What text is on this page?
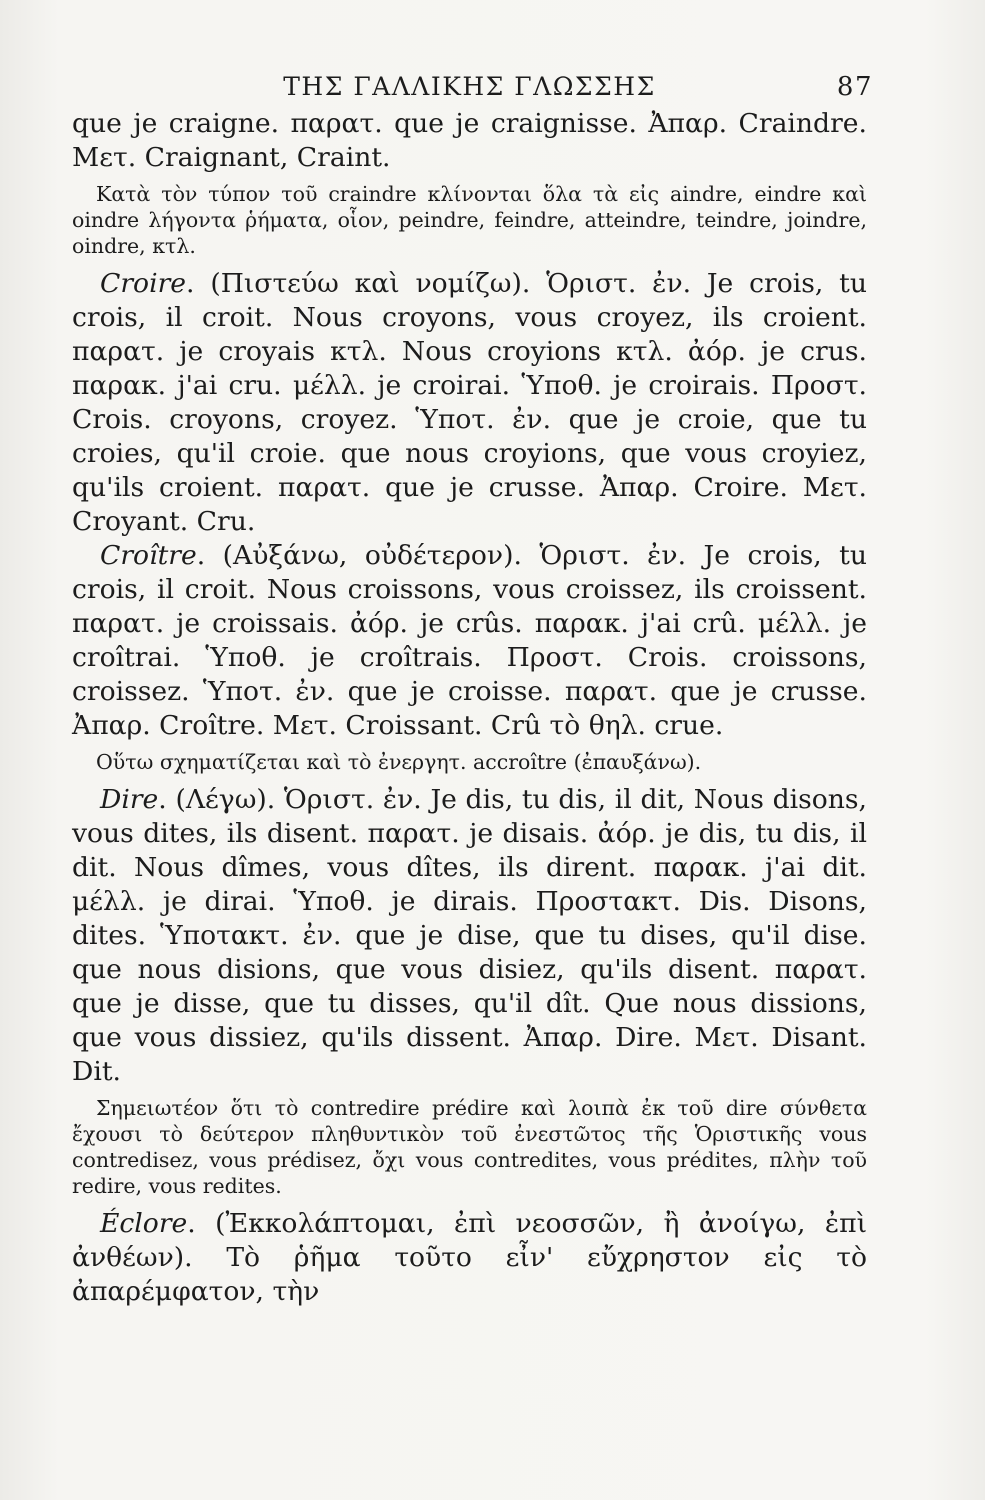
ΤΗΣ ΓΑΛΛΙΚΗΣ ΓΛΩΣΣΗΣ	87

que je craigne. παρατ. que je craignisse. Ἀπαρ. Craindre. Μετ. Craignant, Craint.

Κατὰ τὸν τύπον τοῦ craindre κλίνονται ὅλα τὰ εἰς aindre, eindre καὶ oindre λήγοντα ῥήματα, οἷον, peindre, feindre, atteindre, teindre, joindre, oindre, κτλ.

Croire. (Πιστεύω καὶ νομίζω). Ὁριστ. ἐν. Je crois, tu crois, il croit. Nous croyons, vous croyez, ils croient. παρατ. je croyais κτλ. Nous croyions κτλ. ἀόρ. je crus. παρακ. j'ai cru. μέλλ. je croirai. Ὑποθ. je croirais. Προστ. Crois. croyons, croyez. Ὑποτ. ἐν. que je croie, que tu croies, qu'il croie. que nous croyions, que vous croyiez, qu'ils croient. παρατ. que je crusse. Ἀπαρ. Croire. Μετ. Croyant. Cru.

Croître. (Αὐξάνω, οὐδέτερον). Ὁριστ. ἐν. Je crois, tu crois, il croit. Nous croissons, vous croissez, ils croissent. παρατ. je croissais. ἀόρ. je crûs. παρακ. j'ai crû. μέλλ. je croîtrai. Ὑποθ. je croîtrais. Προστ. Crois. croissons, croissez. Ὑποτ. ἐν. que je croisse. παρατ. que je crusse. Ἀπαρ. Croître. Μετ. Croissant. Crû τὸ θηλ. crue.

Οὕτω σχηματίζεται καὶ τὸ ἐνεργητ. accroître (ἐπαυξάνω).

Dire. (Λέγω). Ὁριστ. ἐν. Je dis, tu dis, il dit, Nous disons, vous dites, ils disent. παρατ. je disais. ἀόρ. je dis, tu dis, il dit. Nous dîmes, vous dîtes, ils dirent. παρακ. j'ai dit. μέλλ. je dirai. Ὑποθ. je dirais. Προστακτ. Dis. Disons, dites. Ὑποτακτ. ἐν. que je dise, que tu dises, qu'il dise. que nous disions, que vous disiez, qu'ils disent. παρατ. que je disse, que tu disses, qu'il dît. Que nous dissions, que vous dissiez, qu'ils dissent. Ἀπαρ. Dire. Μετ. Disant. Dit.

Σημειωτέον ὅτι τὸ contredire prédire καὶ λοιπὰ ἐκ τοῦ dire σύνθετα ἔχουσι τὸ δεύτερον πληθυντικὸν τοῦ ἐνεστῶτος τῆς Ὁριστικῆς vous contredisez, vous prédisez, ὄχι vous contredites, vous prédites, πλὴν τοῦ redire, vous redites.

Éclore. (Ἐκκολάπτομαι, ἐπὶ νεοσσῶν, ἢ ἀνοίγω, ἐπὶ ἀνθέων). Τὸ ῥῆμα τοῦτο εἶν' εὔχρηστον εἰς τὸ ἀπαρέμφατον, τὴν
